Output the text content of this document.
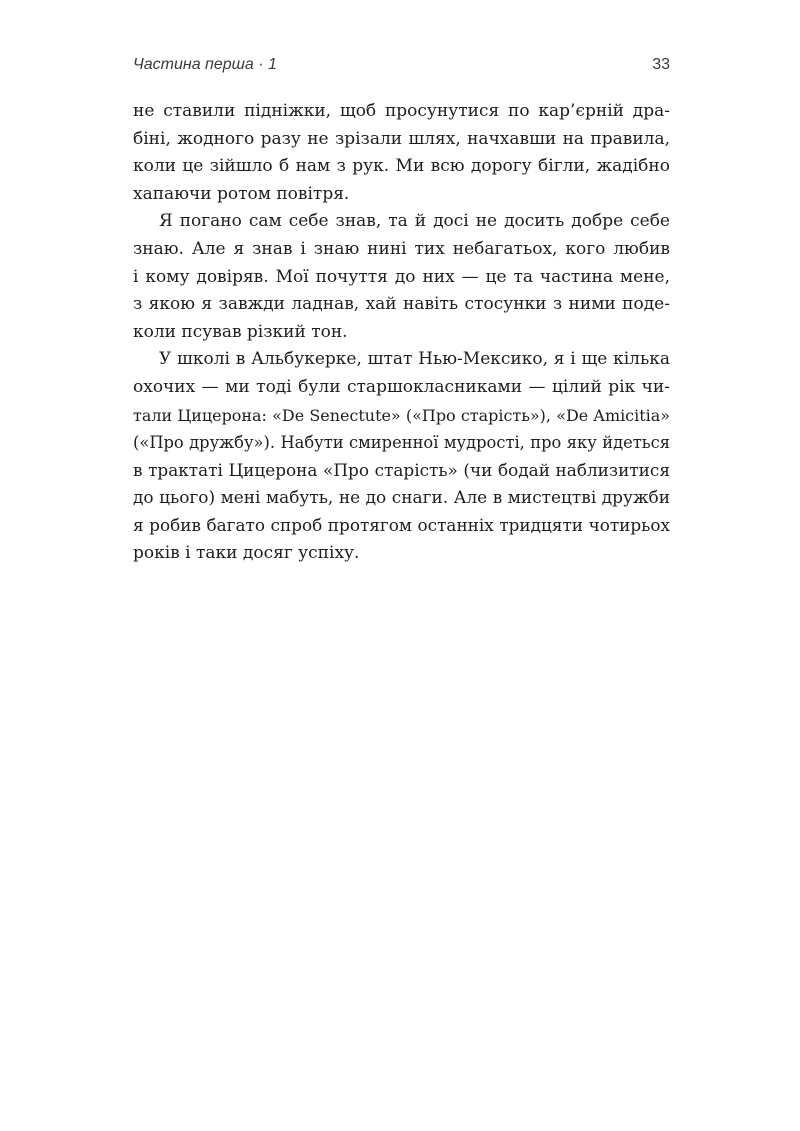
Частина перша · 1	33
не ставили підніжки, щоб просунутися по кар’єрній дра-
біні, жодного разу не зрізали шлях, начхавши на правила,
коли це зійшло б нам з рук. Ми всю дорогу бігли, жадібно
хапаючи ротом повітря.
Я погано сам себе знав, та й досі не досить добре себе
знаю. Але я знав і знаю нині тих небагатьох, кого любив
і кому довіряв. Мої почуття до них — це та частина мене,
з якою я завжди ладнав, хай навіть стосунки з ними поде-
коли псував різкий тон.
У школі в Альбукерке, штат Нью-Мексико, я і ще кілька
охочих — ми тоді були старшокласниками — цілий рік чи-
тали Цицерона: «De Senectute» («Про старість»), «De Amicitia»
(«Про дружбу»). Набути смиренної мудрості, про яку йдеться
в трактаті Цицерона «Про старість» (чи бодай наблизитися
до цього) мені мабуть, не до снаги. Але в мистецтві дружби
я робив багато спроб протягом останніх тридцяти чотирьох
років і таки досяг успіху.
